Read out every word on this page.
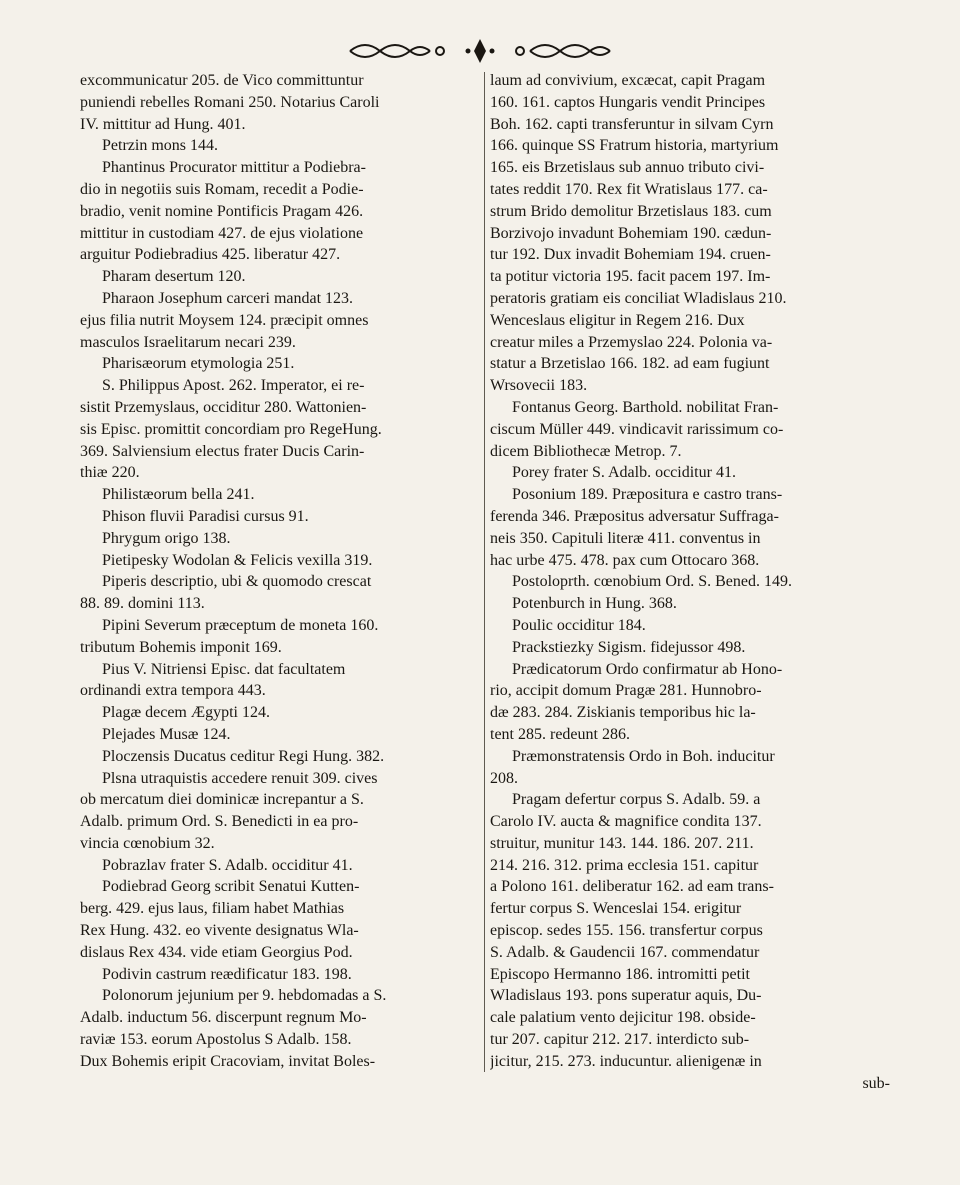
excommunicatur 205. de Vico committuntur
puniendi rebelles Romani 250. Notarius Caroli
IV. mittitur ad Hung. 401.
Petrzin mons 144.
Phantinus Procurator mittitur a Podiebra-
dio in negotiis suis Romam, recedit a Podie-
bradio, venit nomine Pontificis Pragam 426.
mittitur in custodiam 427. de ejus violatione
arguitur Podiebradius 425. liberatur 427.
Pharam desertum 120.
Pharaon Josephum carceri mandat 123.
ejus filia nutrit Moysem 124. præcipit omnes
masculos Israelitarum necari 239.
Pharisæorum etymologia 251.
S. Philippus Apost. 262. Imperator, ei re-
sistit Przemyslaus, occiditur 280. Wattonien-
sis Episc. promittit concordiam pro RegeHung.
369. Salviensium electus frater Ducis Carin-
thiæ 220.
Philistæorum bella 241.
Phison fluvii Paradisi cursus 91.
Phrygum origo 138.
Pietipesky Wodolan & Felicis vexilla 319.
Piperis descriptio, ubi & quomodo crescat
88. 89. domini 113.
Pipini Severum præceptum de moneta 160.
tributum Bohemis imponit 169.
Pius V. Nitriensi Episc. dat facultatem
ordinandi extra tempora 443.
Plagæ decem Ægypti 124.
Plejades Musæ 124.
Ploczensis Ducatus ceditur Regi Hung. 382.
Plsna utraquistis accedere renuit 309. cives
ob mercatum diei dominicæ increpantur a S.
Adalb. primum Ord. S. Benedicti in ea pro-
vincia cœnobium 32.
Pobrazlav frater S. Adalb. occiditur 41.
Podiebrad Georg scribit Senatui Kutten-
berg. 429. ejus laus, filiam habet Mathias
Rex Hung. 432. eo vivente designatus Wla-
dislaus Rex 434. vide etiam Georgius Pod.
Podivin castrum reædificatur 183. 198.
Polonorum jejunium per 9. hebdomadas a S.
Adalb. inductum 56. discerpunt regnum Mo-
raviæ 153. eorum Apostolus S Adalb. 158.
Dux Bohemis eripit Cracoviam, invitat Boles-
laum ad convivium, excæcat, capit Pragam
160. 161. captos Hungaris vendit Principes
Boh. 162. capti transferuntur in silvam Cyrn
166. quinque SS Fratrum historia, martyrium
165. eis Brzetislaus sub annuo tributo civi-
tates reddit 170. Rex fit Wratislaus 177. ca-
strum Brido demolitur Brzetislaus 183. cum
Borzivojo invadunt Bohemiam 190. cædun-
tur 192. Dux invadit Bohemiam 194. cruen-
ta potitur victoria 195. facit pacem 197. Im-
peratoris gratiam eis conciliat Wladislaus 210.
Wenceslaus eligitur in Regem 216. Dux
creatur miles a Przemyslao 224. Polonia va-
statur a Brzetislao 166. 182. ad eam fugiunt
Wrsovecii 183.
Fontanus Georg. Barthold. nobilitat Fran-
ciscum Müller 449. vindicavit rarissimum co-
dicem Bibliothecæ Metrop. 7.
Porey frater S. Adalb. occiditur 41.
Posonium 189. Præpositura e castro trans-
ferenda 346. Præpositus adversatur Suffraga-
neis 350. Capituli literæ 411. conventus in
hac urbe 475. 478. pax cum Ottocaro 368.
Postoloprth. cœnobium Ord. S. Bened. 149.
Potenburch in Hung. 368.
Poulic occiditur 184.
Prackstiezky Sigism. fidejussor 498.
Prædicatorum Ordo confirmatur ab Hono-
rio, accipit domum Pragæ 281. Hunnobro-
dæ 283. 284. Ziskianis temporibus hic la-
tent 285. redeunt 286.
Præmonstratensis Ordo in Boh. inducitur
208.
Pragam defertur corpus S. Adalb. 59. a
Carolo IV. aucta & magnifice condita 137.
struitur, munitur 143. 144. 186. 207. 211.
214. 216. 312. prima ecclesia 151. capitur
a Polono 161. deliberatur 162. ad eam trans-
fertur corpus S. Wenceslai 154. erigitur
episcop. sedes 155. 156. transfertur corpus
S. Adalb. & Gaudencii 167. commendatur
Episcopo Hermanno 186. intromitti petit
Wladislaus 193. pons superatur aquis, Du-
cale palatium vento dejicitur 198. obside-
tur 207. capitur 212. 217. interdicto sub-
jicitur, 215. 273. inducuntur. alienigenæ in
sub-
